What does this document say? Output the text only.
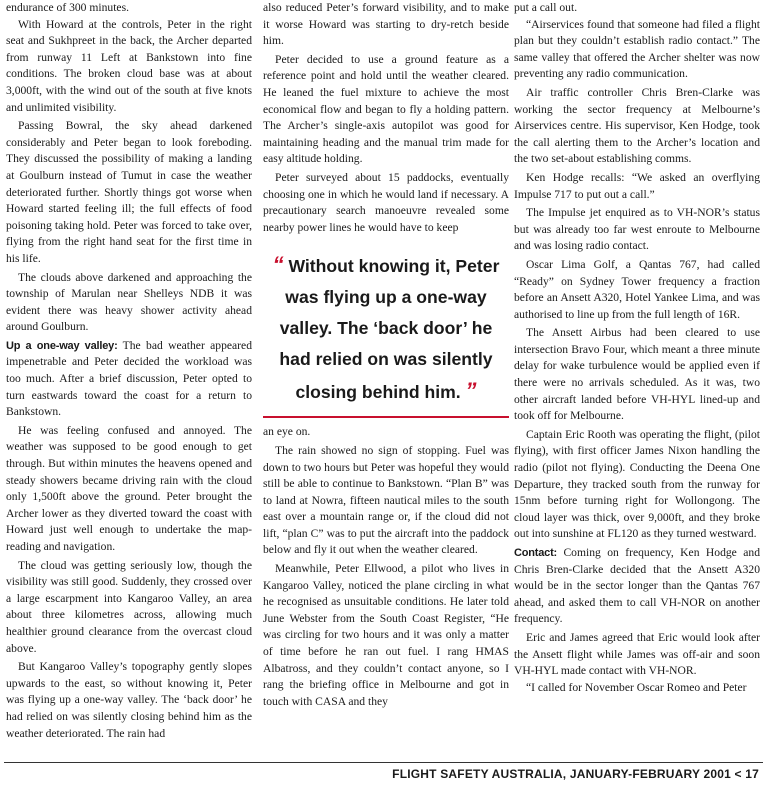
endurance of 300 minutes.

With Howard at the controls, Peter in the right seat and Sukhpreet in the back, the Archer departed from runway 11 Left at Bankstown into fine conditions. The broken cloud base was at about 3,000ft, with the wind out of the south at five knots and unlimited visibility.

Passing Bowral, the sky ahead darkened considerably and Peter began to look foreboding. They discussed the possibility of making a landing at Goulburn instead of Tumut in case the weather deteriorated further. Shortly things got worse when Howard started feeling ill; the full effects of food poisoning taking hold. Peter was forced to take over, flying from the right hand seat for the first time in his life.

The clouds above darkened and approaching the township of Marulan near Shelleys NDB it was evident there was heavy shower activity ahead around Goulburn.

Up a one-way valley: The bad weather appeared impenetrable and Peter decided the workload was too much. After a brief discussion, Peter opted to turn eastwards toward the coast for a return to Bankstown.

He was feeling confused and annoyed. The weather was supposed to be good enough to get through. But within minutes the heavens opened and steady showers became driving rain with the cloud only 1,500ft above the ground. Peter brought the Archer lower as they diverted toward the coast with Howard just well enough to undertake the map-reading and navigation.

The cloud was getting seriously low, though the visibility was still good. Suddenly, they crossed over a large escarpment into Kangaroo Valley, an area about three kilometres across, allowing much healthier ground clearance from the overcast cloud above.

But Kangaroo Valley’s topography gently slopes upwards to the east, so without knowing it, Peter was flying up a one-way valley. The ‘back door’ he had relied on was silently closing behind him as the weather deteriorated. The rain had

also reduced Peter’s forward visibility, and to make it worse Howard was starting to dry-retch beside him.

Peter decided to use a ground feature as a reference point and hold until the weather cleared. He leaned the fuel mixture to achieve the most economical flow and began to fly a holding pattern. The Archer’s single-axis autopilot was good for maintaining heading and the manual trim made for easy altitude holding.

Peter surveyed about 15 paddocks, eventually choosing one in which he would land if necessary. A precautionary search manoeuvre revealed some nearby power lines he would have to keep

“ Without knowing it, Peter
was flying up a one-way
valley. The ‘back door’ he
had relied on was silently
closing behind him. ”

an eye on.

The rain showed no sign of stopping. Fuel was down to two hours but Peter was hopeful they would still be able to continue to Bankstown. “Plan B” was to land at Nowra, fifteen nautical miles to the south east over a mountain range or, if the cloud did not lift, “plan C” was to put the aircraft into the paddock below and fly it out when the weather cleared.

Meanwhile, Peter Ellwood, a pilot who lives in Kangaroo Valley, noticed the plane circling in what he recognised as unsuitable conditions. He later told June Webster from the South Coast Register, “He was circling for two hours and it was only a matter of time before he ran out fuel. I rang HMAS Albatross, and they couldn’t contact anyone, so I rang the briefing office in Melbourne and got in touch with CASA and they

put a call out.

“Airservices found that someone had filed a flight plan but they couldn’t establish radio contact.” The same valley that offered the Archer shelter was now preventing any radio communication.

Air traffic controller Chris Bren-Clarke was working the sector frequency at Melbourne’s Airservices centre. His supervisor, Ken Hodge, took the call alerting them to the Archer’s location and the two set-about establishing comms.

Ken Hodge recalls: “We asked an overflying Impulse 717 to put out a call.”

The Impulse jet enquired as to VH-NOR’s status but was already too far west enroute to Melbourne and was losing radio contact.

Oscar Lima Golf, a Qantas 767, had called “Ready” on Sydney Tower frequency a fraction before an Ansett A320, Hotel Yankee Lima, and was authorised to line up from the full length of 16R.

The Ansett Airbus had been cleared to use intersection Bravo Four, which meant a three minute delay for wake turbulence would be applied even if there were no arrivals scheduled. As it was, two other aircraft landed before VH-HYL lined-up and took off for Melbourne.

Captain Eric Rooth was operating the flight, (pilot flying), with first officer James Nixon handling the radio (pilot not flying). Conducting the Deena One Departure, they tracked south from the runway for 15nm before turning right for Wollongong. The cloud layer was thick, over 9,000ft, and they broke out into sunshine at FL120 as they turned westward.

Contact: Coming on frequency, Ken Hodge and Chris Bren-Clarke decided that the Ansett A320 would be in the sector longer than the Qantas 767 ahead, and asked them to call VH-NOR on another frequency.

Eric and James agreed that Eric would look after the Ansett flight while James was off-air and soon VH-HYL made contact with VH-NOR.

“I called for November Oscar Romeo and Peter

FLIGHT SAFETY AUSTRALIA, JANUARY-FEBRUARY 2001 < 17
